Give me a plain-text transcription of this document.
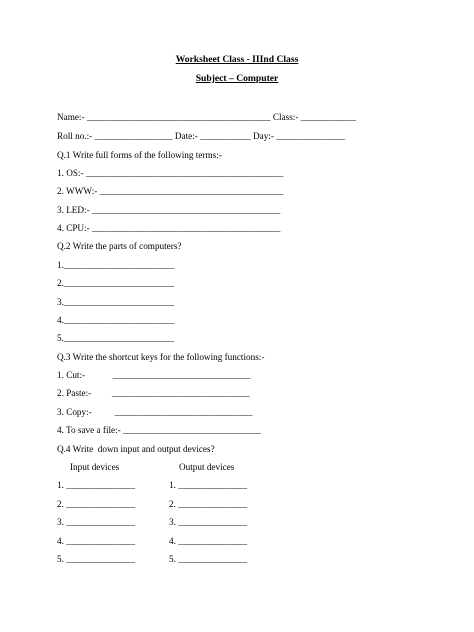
Worksheet Class - IIInd Class
Subject – Computer
Name:- ________________________________________ Class:- ____________
Roll no.:- _________________ Date:- ___________ Day:- _______________
Q.1 Write full forms of the following terms:-
1. OS:- ___________________________________________
2. WWW:- ________________________________________
3. LED:- _________________________________________
4. CPU:- _________________________________________
Q.2 Write the parts of computers?
1.________________________
2.________________________
3.________________________
4.________________________
5.________________________
Q.3 Write the shortcut keys for the following functions:-
1. Cut:-            ______________________________
2. Paste:-         ______________________________
3. Copy:-          ______________________________
4. To save a file:- ______________________________
Q.4 Write  down input and output devices?
Input devices	Output devices
1. _______________
2. _______________
3. _______________
4. _______________
5. _______________
1. _______________
2. _______________
3. _______________
4. _______________
5. _______________
